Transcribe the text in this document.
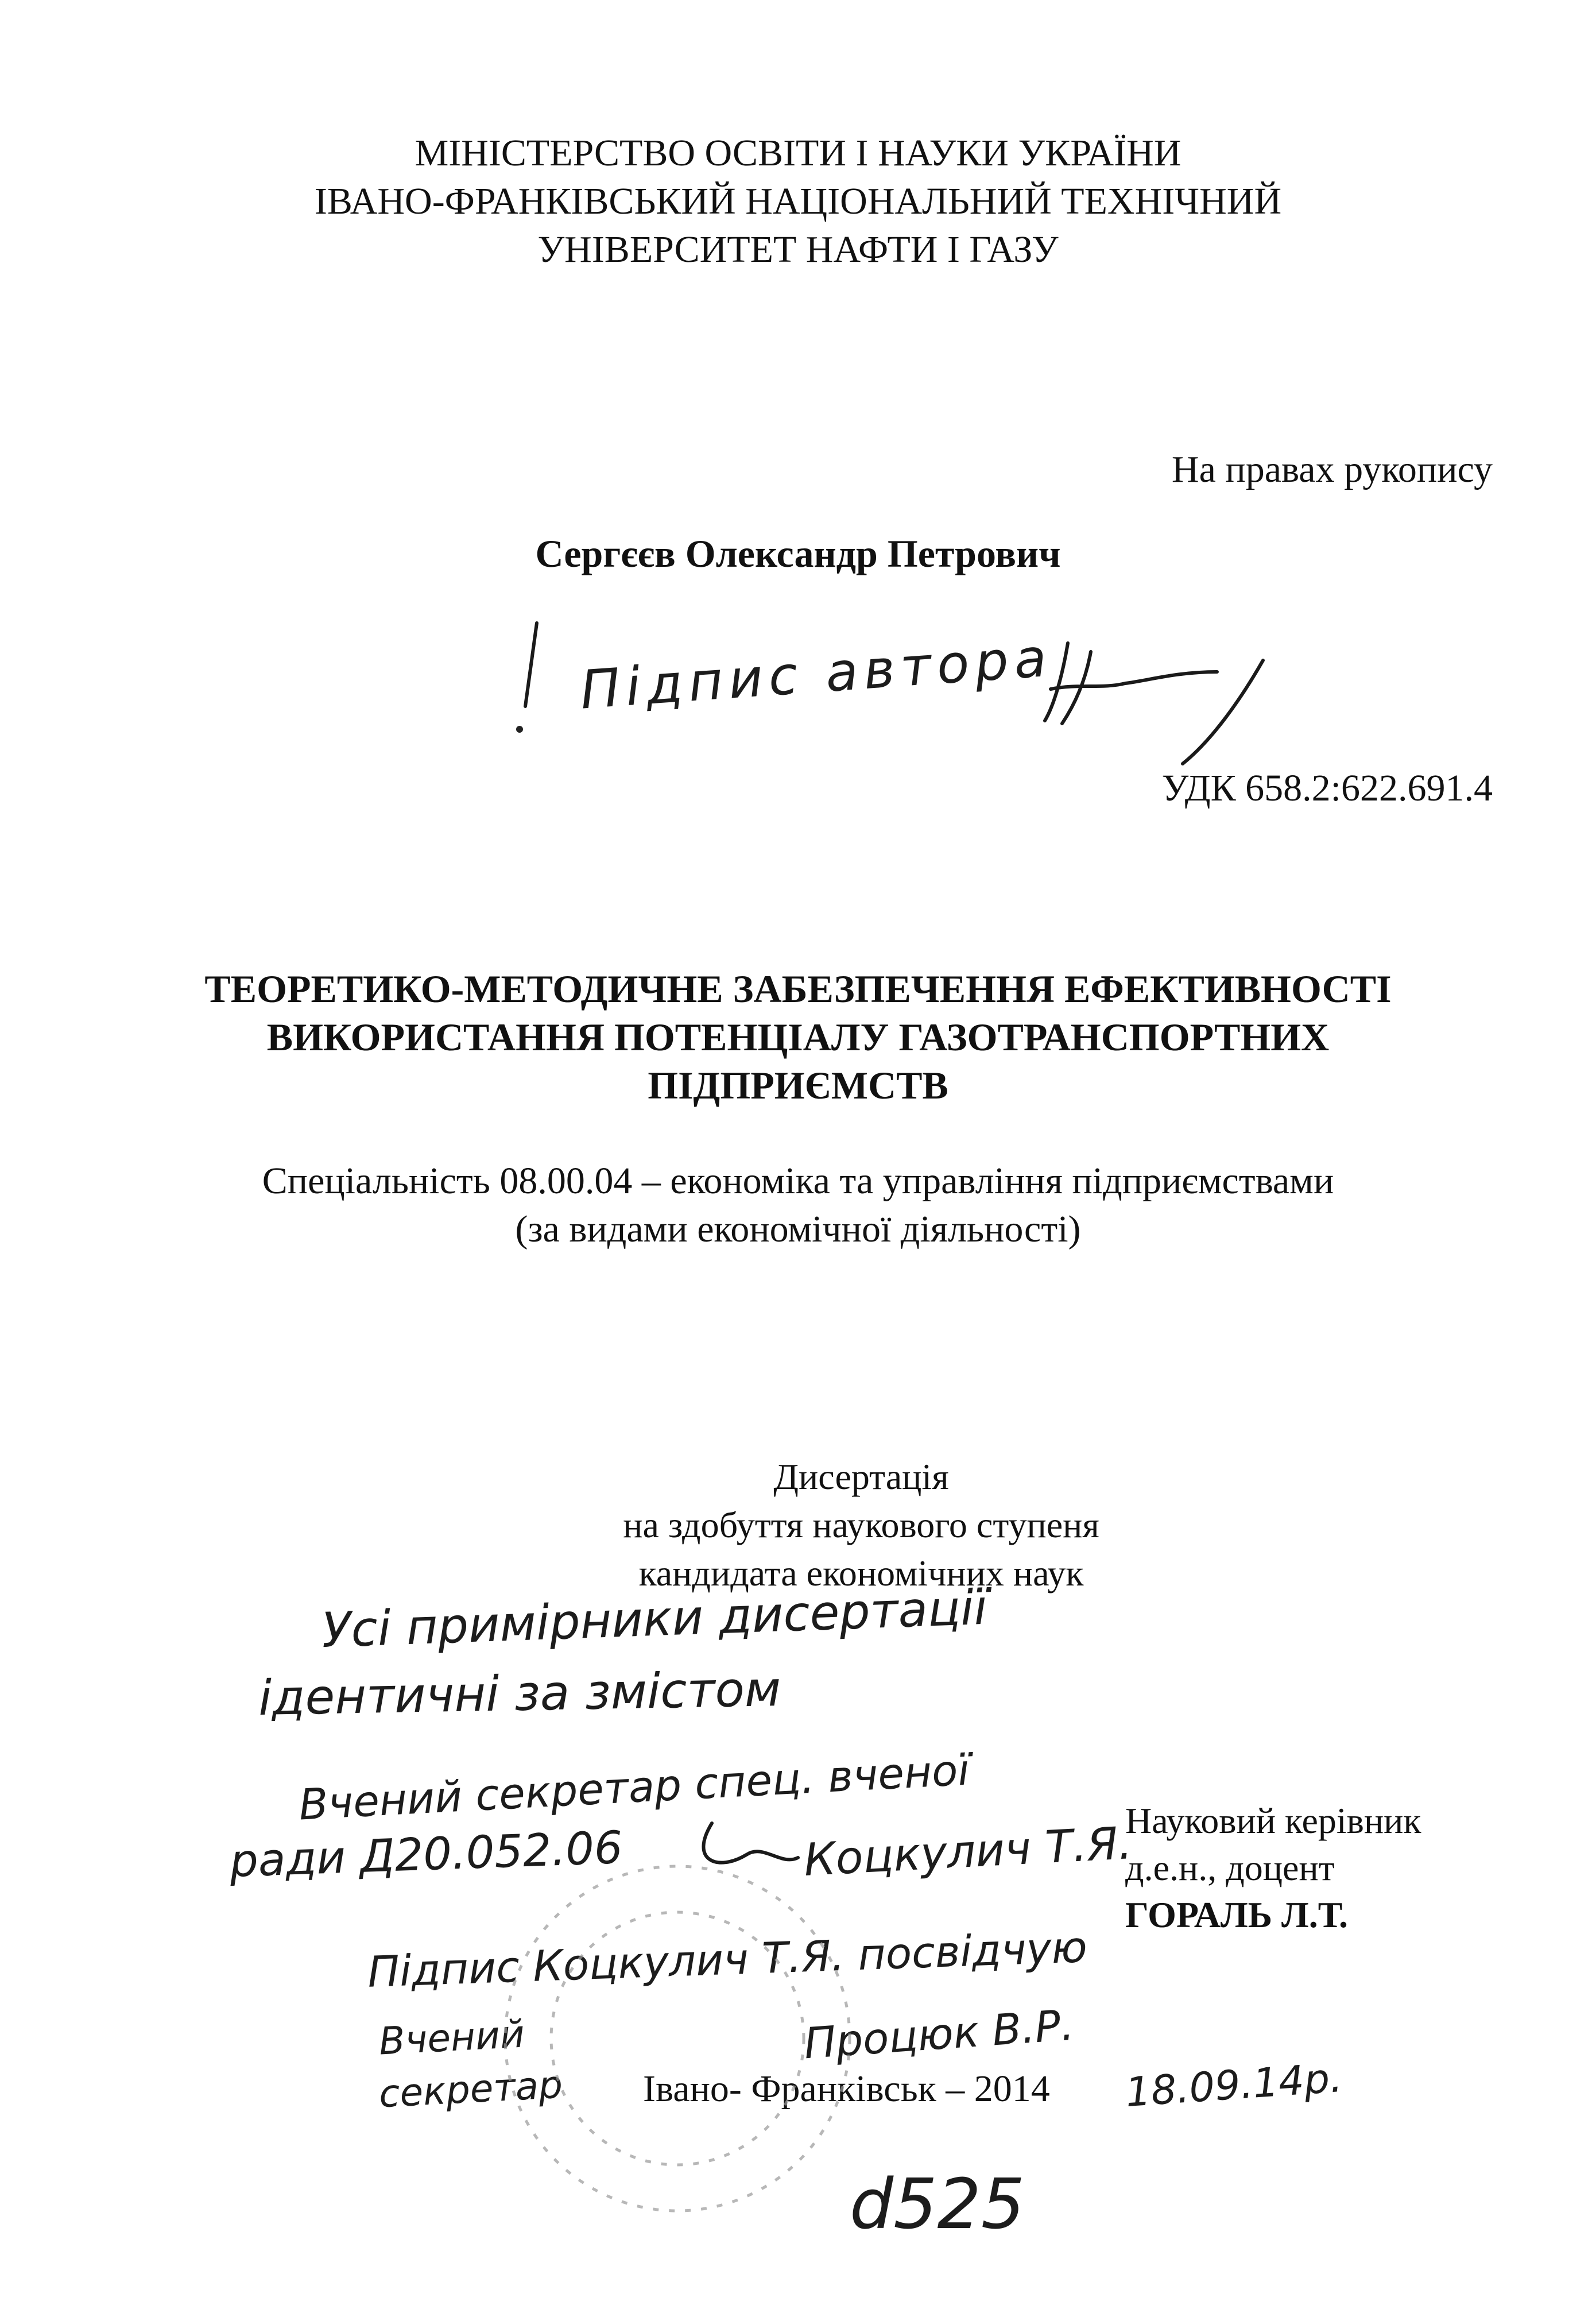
МІНІСТЕРСТВО ОСВІТИ І НАУКИ УКРАЇНИ
ІВАНО-ФРАНКІВСЬКИЙ НАЦІОНАЛЬНИЙ ТЕХНІЧНИЙ
УНІВЕРСИТЕТ НАФТИ І ГАЗУ
На правах рукопису
Сергєєв Олександр Петрович
Підпис автора
УДК 658.2:622.691.4
ТЕОРЕТИКО-МЕТОДИЧНЕ ЗАБЕЗПЕЧЕННЯ ЕФЕКТИВНОСТІ
ВИКОРИСТАННЯ ПОТЕНЦІАЛУ ГАЗОТРАНСПОРТНИХ
ПІДПРИЄМСТВ
Спеціальність 08.00.04 – економіка та управління підприємствами
(за видами економічної діяльності)
Дисертація
на здобуття наукового ступеня
кандидата економічних наук
Усі примірники дисертації
ідентичні за змістом
Вчений секретар спец. вченої
ради Д20.052.06	Коцкулич Т.Я.
Підпис Коцкулич Т.Я. посвідчую
Вчений
секретар
Процюк В.Р.
18.09.14р.
d525
Науковий керівник
д.е.н., доцент
ГОРАЛЬ Л.Т.
Івано- Франківськ – 2014
